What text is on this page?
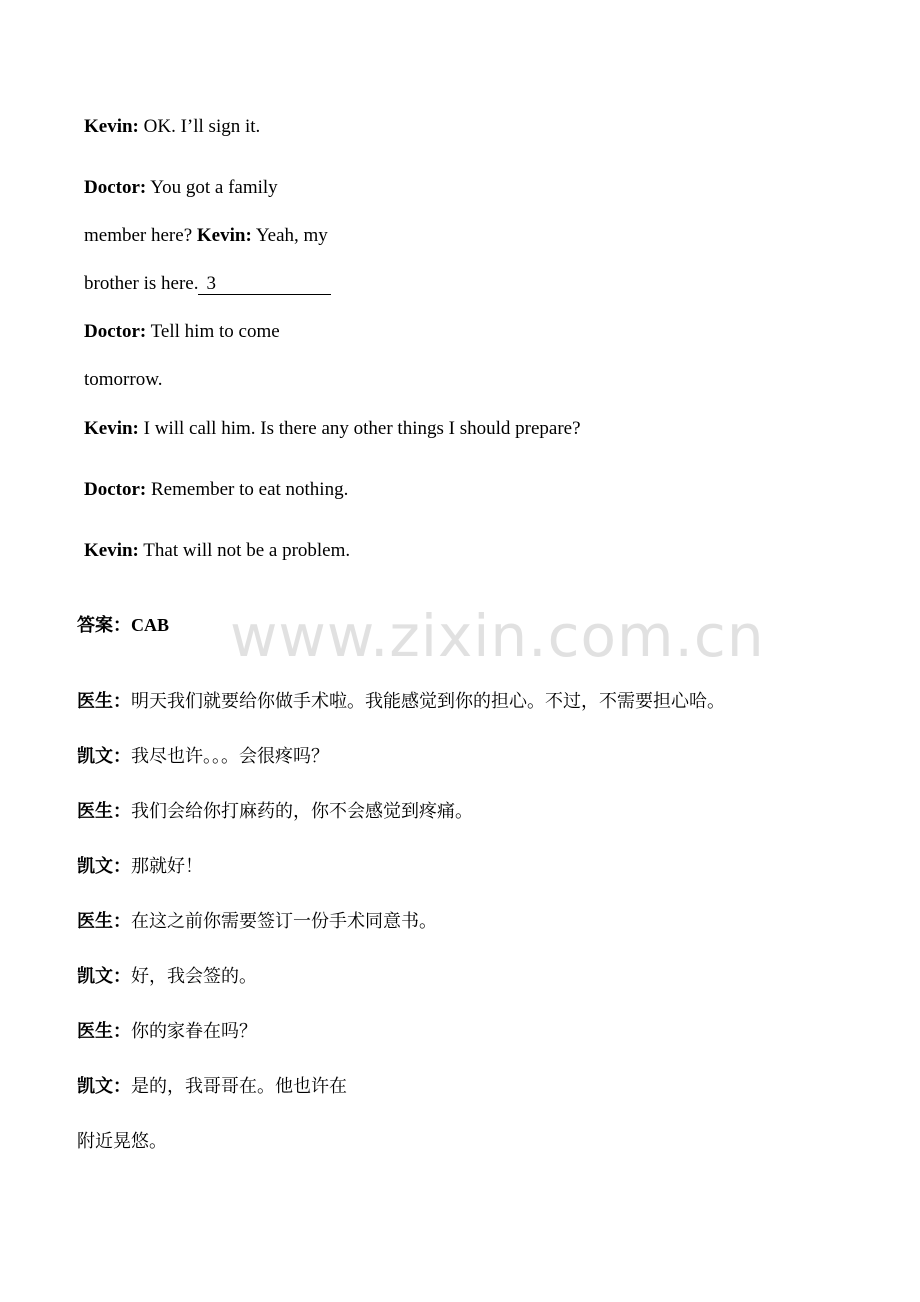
Kevin: OK. I’ll sign it.
Doctor: You got a family
member here? Kevin: Yeah, my
brother is here. 3
Doctor: Tell him to come
tomorrow.
Kevin: I will call him. Is there any other things I should prepare?
Doctor: Remember to eat nothing.
Kevin: That will not be a problem.
www.zixin.com.cn
答案：CAB
医生：明天我们就要给你做手术啦。我能感觉到你的担心。不过，不需要担心哈。
凯文：我尽也许。。。会很疼吗？
医生：我们会给你打麻药的，你不会感觉到疼痛。
凯文：那就好！
医生：在这之前你需要签订一份手术同意书。
凯文：好，我会签的。
医生：你的家眷在吗？
凯文：是的，我哥哥在。他也许在
附近晃悠。
